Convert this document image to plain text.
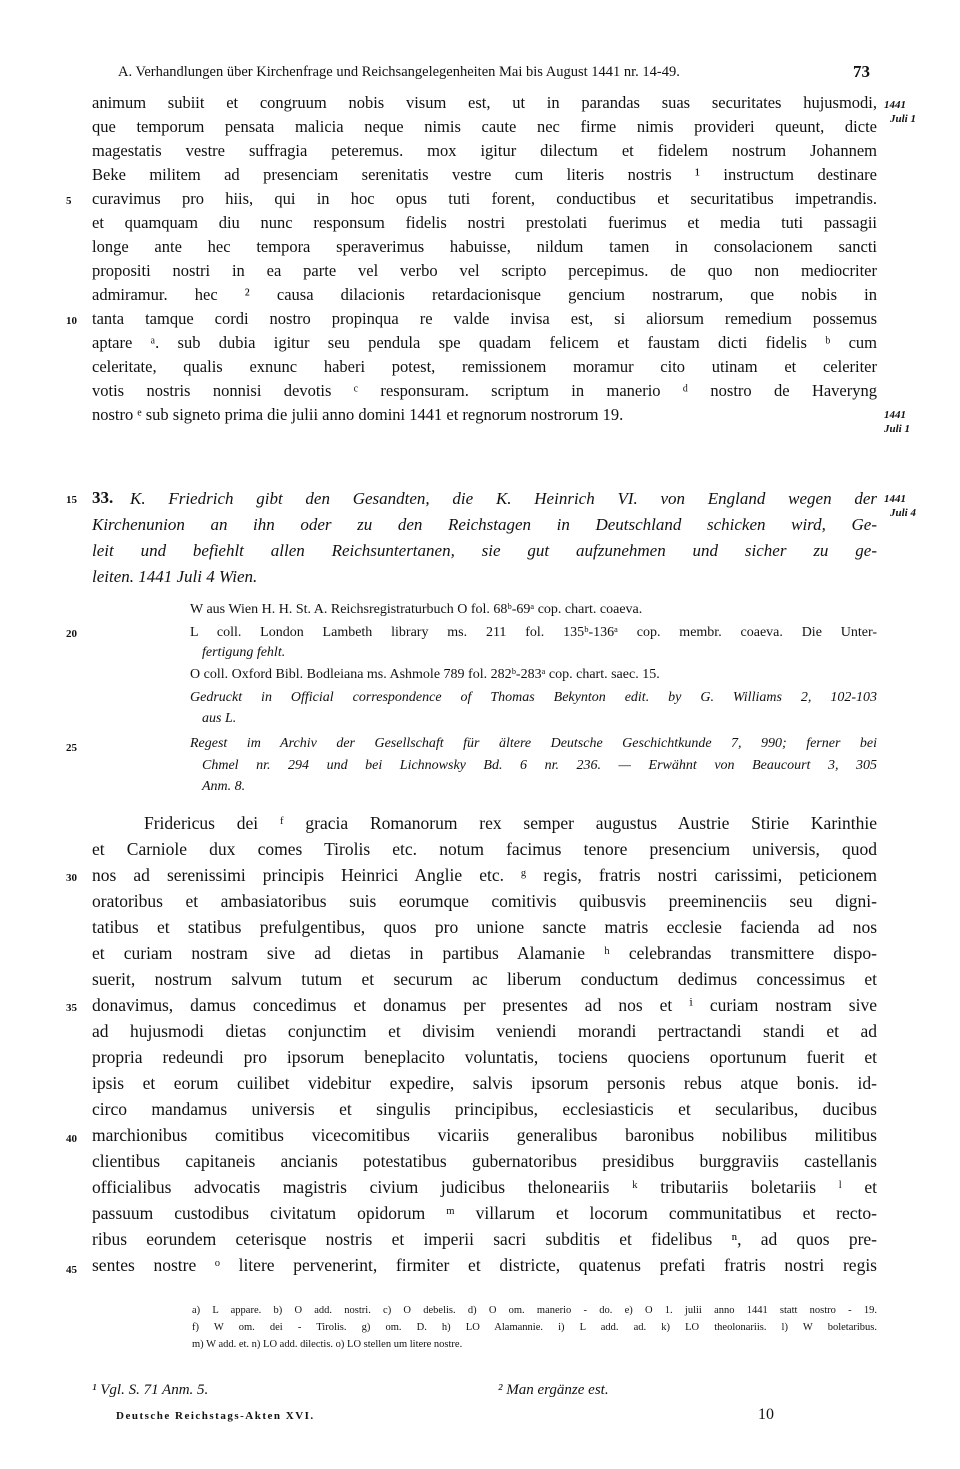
A. Verhandlungen über Kirchenfrage und Reichsangelegenheiten Mai bis August 1441 nr. 14-49.	73
animum subiit et congruum nobis visum est, ut in parandas suas securitates hujusmodi,
que temporum pensata malicia neque nimis caute nec firme nimis provideri queunt, dicte
magestatis vestre suffragia peteremus. mox igitur dilectum et fidelem nostrum Johannem
Beke militem ad presenciam serenitatis vestre cum literis nostris ¹ instructum destinare
curavimus pro hiis, qui in hoc opus tuti forent, conductibus et securitatibus impetrandis.
et quamquam diu nunc responsum fidelis nostri prestolati fuerimus et media tuti passagii
longe ante hec tempora speraverimus habuisse, nildum tamen in consolacionem sancti
propositi nostri in ea parte vel verbo vel scripto percepimus. de quo non mediocriter
admiramur. hec ² causa dilacionis retardacionisque gencium nostrarum, que nobis in
tanta tamque cordi nostro propinqua re valde invisa est, si aliorsum remedium possemus
aptare ᵃ. sub dubia igitur seu pendula spe quadam felicem et faustam dicti fidelis ᵇ cum
celeritate, qualis exnunc haberi potest, remissionem moramur cito utinam et celeriter
votis nostris nonnisi devotis ᶜ responsuram. scriptum in manerio ᵈ nostro de Haveryng
nostro ᵉ sub signeto prima die julii anno domini 1441 et regnorum nostrorum 19.
1441
Juli 1
1441
Juli 1
5
10
15
20
25
30
35
40
45
33. K. Friedrich gibt den Gesandten, die K. Heinrich VI. von England wegen der
Kirchenunion an ihn oder zu den Reichstagen in Deutschland schicken wird, Ge-
leit und befiehlt allen Reichsuntertanen, sie gut aufzunehmen und sicher zu ge-
leiten. 1441 Juli 4 Wien.
1441
Juli 4
W aus Wien H. H. St. A. Reichsregistraturbuch O fol. 68ᵇ-69ᵃ cop. chart. coaeva.
L coll. London Lambeth library ms. 211 fol. 135ᵇ-136ᵃ cop. membr. coaeva. Die Unter-
fertigung fehlt.
O coll. Oxford Bibl. Bodleiana ms. Ashmole 789 fol. 282ᵇ-283ᵃ cop. chart. saec. 15.
Gedruckt in Official correspondence of Thomas Bekynton edit. by G. Williams 2, 102-103
aus L.
Regest im Archiv der Gesellschaft für ältere Deutsche Geschichtkunde 7, 990; ferner bei
Chmel nr. 294 und bei Lichnowsky Bd. 6 nr. 236. — Erwähnt von Beaucourt 3, 305
Anm. 8.
Fridericus dei ᶠ gracia Romanorum rex semper augustus Austrie Stirie Karinthie
et Carniole dux comes Tirolis etc. notum facimus tenore presencium universis, quod
nos ad serenissimi principis Heinrici Anglie etc. ᵍ regis, fratris nostri carissimi, peticionem
oratoribus et ambasiatoribus suis eorumque comitivis quibusvis preeminenciis seu digni-
tatibus et statibus prefulgentibus, quos pro unione sancte matris ecclesie facienda ad nos
et curiam nostram sive ad dietas in partibus Alamanie ʰ celebrandas transmittere dispo-
suerit, nostrum salvum tutum et securum ac liberum conductum dedimus concessimus et
donavimus, damus concedimus et donamus per presentes ad nos et ⁱ curiam nostram sive
ad hujusmodi dietas conjunctim et divisim veniendi morandi pertractandi standi et ad
propria redeundi pro ipsorum beneplacito voluntatis, tociens quociens oportunum fuerit et
ipsis et eorum cuilibet videbitur expedire, salvis ipsorum personis rebus atque bonis. id-
circo mandamus universis et singulis principibus, ecclesiasticis et secularibus, ducibus
marchionibus comitibus vicecomitibus vicariis generalibus baronibus nobilibus militibus
clientibus capitaneis ancianis potestatibus gubernatoribus presidibus burggraviis castellanis
officialibus advocatis magistris civium judicibus theloneariis ᵏ tributariis boletariis ˡ et
passuum custodibus civitatum opidorum ᵐ villarum et locorum communitatibus et recto-
ribus eorundem ceterisque nostris et imperii sacri subditis et fidelibus ⁿ, ad quos pre-
sentes nostre ᵒ litere pervenerint, firmiter et districte, quatenus prefati fratris nostri regis
a) L appare. b) O add. nostri. c) O debelis. d) O om. manerio - do. e) O 1. julii anno 1441 statt nostro - 19.
f) W om. dei - Tirolis. g) om. D. h) LO Alamannie. i) L add. ad. k) LO theolonariis. l) W boletaribus.
m) W add. et. n) LO add. dilectis. o) LO stellen um litere nostre.
¹ Vgl. S. 71 Anm. 5.	² Man ergänze est.
Deutsche Reichstags-Akten XVI.	10
